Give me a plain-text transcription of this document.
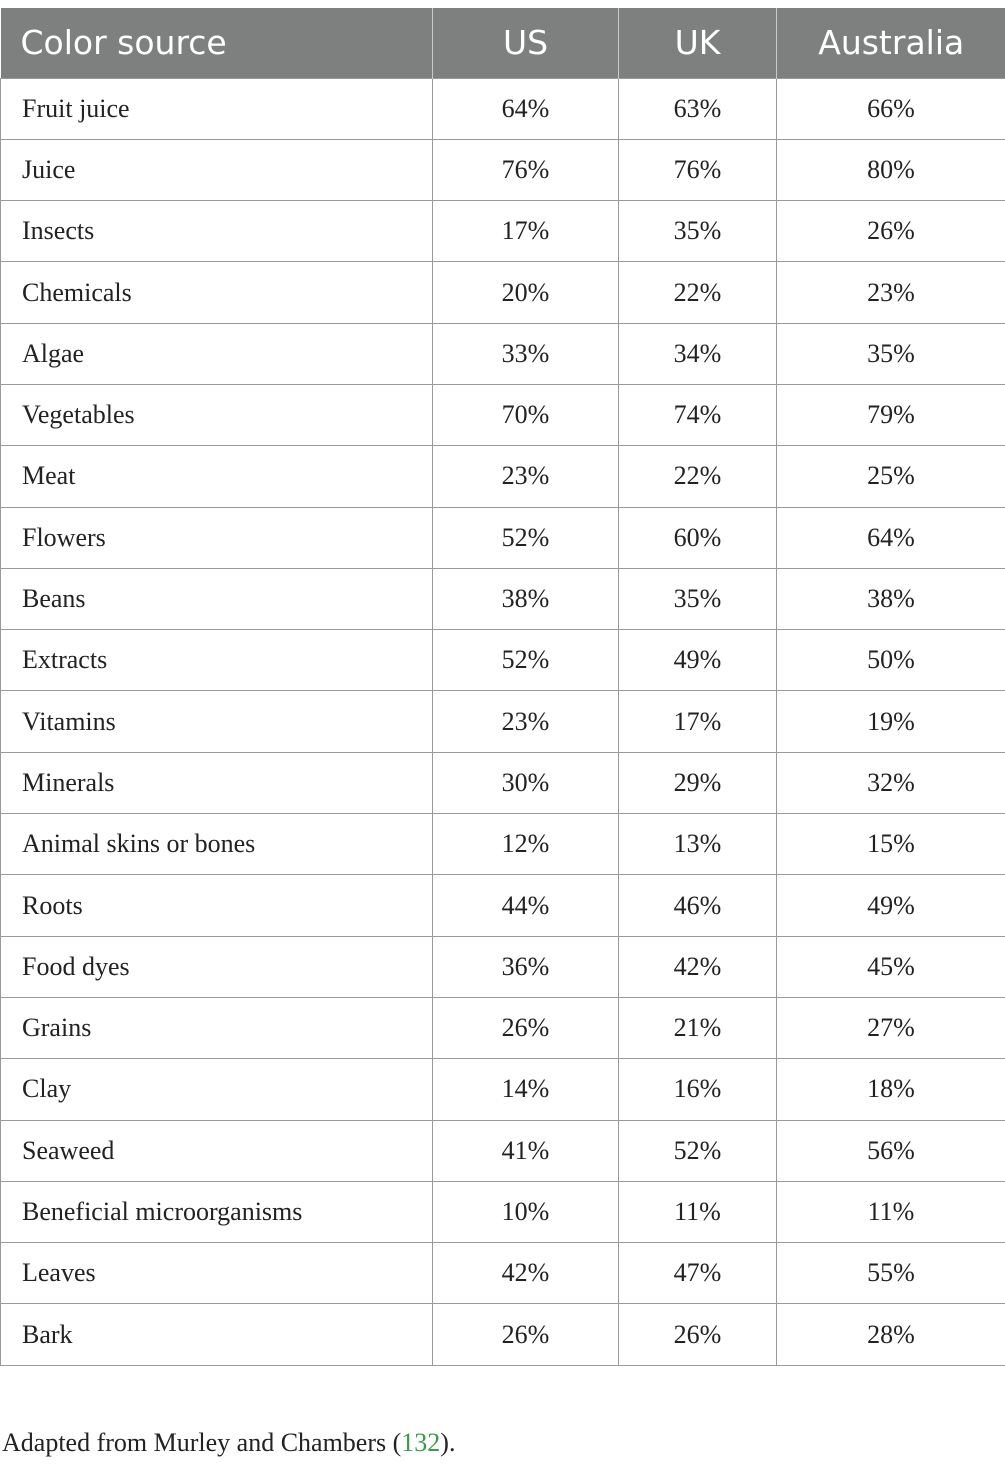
Color source	US	UK	Australia
Fruit juice	64%	63%	66%
Juice	76%	76%	80%
Insects	17%	35%	26%
Chemicals	20%	22%	23%
Algae	33%	34%	35%
Vegetables	70%	74%	79%
Meat	23%	22%	25%
Flowers	52%	60%	64%
Beans	38%	35%	38%
Extracts	52%	49%	50%
Vitamins	23%	17%	19%
Minerals	30%	29%	32%
Animal skins or bones	12%	13%	15%
Roots	44%	46%	49%
Food dyes	36%	42%	45%
Grains	26%	21%	27%
Clay	14%	16%	18%
Seaweed	41%	52%	56%
Beneficial microorganisms	10%	11%	11%
Leaves	42%	47%	55%
Bark	26%	26%	28%
Adapted from Murley and Chambers (132).
